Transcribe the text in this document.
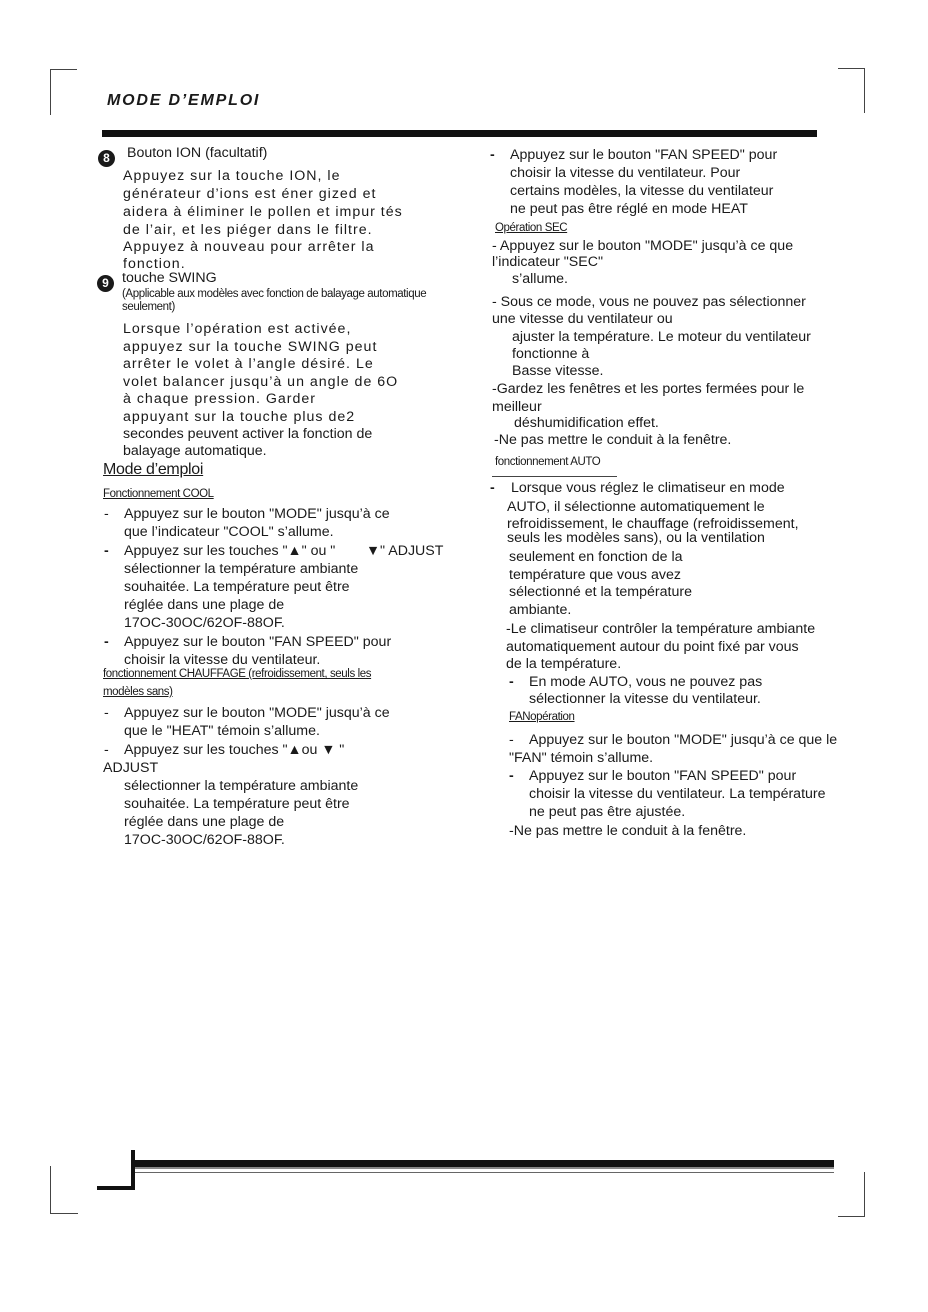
MODE D’EMPLOI
8	Bouton ION (facultatif)
Appuyez sur la touche ION, le
générateur d’ions est éner gized et
aidera à éliminer le pollen et impur tés
de l’air, et les piéger dans le filtre.
Appuyez à nouveau pour arrêter la
fonction.
9 touche SWING
(Applicable aux modèles avec fonction de balayage automatique
seulement)
Lorsque l’opération est activée,
appuyez sur la touche SWING peut
arrêter le volet à l’angle désiré. Le
volet balancer jusqu’à un angle de 6O
à chaque pression. Garder
appuyant sur la touche plus de2
secondes peuvent activer la fonction de
balayage automatique.
Mode d’emploi
Fonctionnement COOL
- Appuyez sur le bouton "MODE" jusqu’à ce
que l’indicateur "COOL" s’allume.
- Appuyez sur les touches "▲" ou " ▼" ADJUST
sélectionner la température ambiante
souhaitée. La température peut être
réglée dans une plage de
17OC-30OC/62OF-88OF.
- Appuyez sur le bouton "FAN SPEED" pour
choisir la vitesse du ventilateur.
fonctionnement CHAUFFAGE (refroidissement, seuls les
modèles sans)
- Appuyez sur le bouton "MODE" jusqu’à ce
que le "HEAT" témoin s’allume.
- Appuyez sur les touches "▲ou ▼ "
ADJUST
sélectionner la température ambiante
souhaitée. La température peut être
réglée dans une plage de
17OC-30OC/62OF-88OF.
- Appuyez sur le bouton "FAN SPEED" pour
choisir la vitesse du ventilateur. Pour
certains modèles, la vitesse du ventilateur
ne peut pas être réglé en mode HEAT
Opération SEC
- Appuyez sur le bouton "MODE" jusqu’à ce que
l’indicateur "SEC"
s’allume.
- Sous ce mode, vous ne pouvez pas sélectionner
une vitesse du ventilateur ou
ajuster la température. Le moteur du ventilateur
fonctionne à
Basse vitesse.
-Gardez les fenêtres et les portes fermées pour le
meilleur
déshumidification effet.
-Ne pas mettre le conduit à la fenêtre.
fonctionnement AUTO
- Lorsque vous réglez le climatiseur en mode
AUTO, il sélectionne automatiquement le
refroidissement, le chauffage (refroidissement,
seuls les modèles sans), ou la ventilation
seulement en fonction de la
température que vous avez
sélectionné et la température
ambiante.
-Le climatiseur contrôler la température ambiante
automatiquement autour du point fixé par vous
de la température.
- En mode AUTO, vous ne pouvez pas
sélectionner la vitesse du ventilateur.
FANopération
- Appuyez sur le bouton "MODE" jusqu’à ce que le
"FAN" témoin s’allume.
- Appuyez sur le bouton "FAN SPEED" pour
choisir la vitesse du ventilateur. La température
ne peut pas être ajustée.
-Ne pas mettre le conduit à la fenêtre.
